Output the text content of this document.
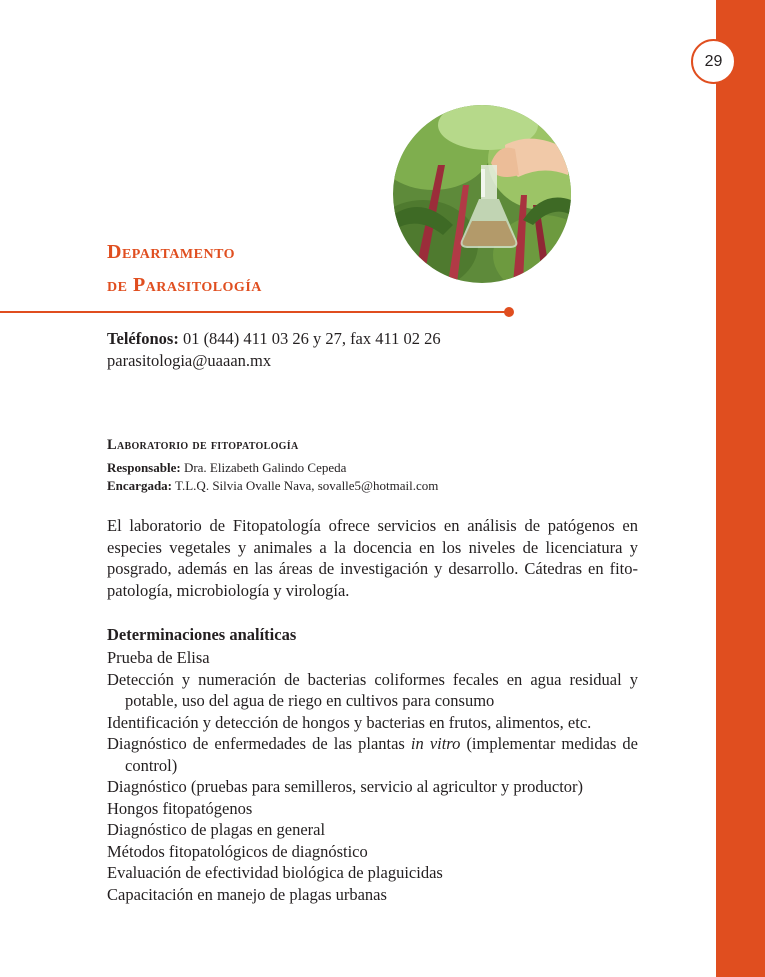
29
Departamento
de Parasitología
Teléfonos: 01 (844) 411 03 26 y 27, fax 411 02 26
parasitologia@uaaan.mx
Laboratorio de fitopatología
Responsable: Dra. Elizabeth Galindo Cepeda
Encargada: T.L.Q. Silvia Ovalle Nava, sovalle5@hotmail.com

El laboratorio de Fitopatología ofrece servicios en análisis de patógenos en especies vegetales y animales a la docencia en los niveles de licenciatura y posgrado, además en las áreas de investigación y desarrollo. Cátedras en fito-patología, microbiología y virología.

Determinaciones analíticas
Prueba de Elisa
Detección y numeración de bacterias coliformes fecales en agua residual y potable, uso del agua de riego en cultivos para consumo
Identificación y detección de hongos y bacterias en frutos, alimentos, etc.
Diagnóstico de enfermedades de las plantas in vitro (implementar medidas de control)
Diagnóstico (pruebas para semilleros, servicio al agricultor y productor)
Hongos fitopatógenos
Diagnóstico de plagas en general
Métodos fitopatológicos de diagnóstico
Evaluación de efectividad biológica de plaguicidas
Capacitación en manejo de plagas urbanas
